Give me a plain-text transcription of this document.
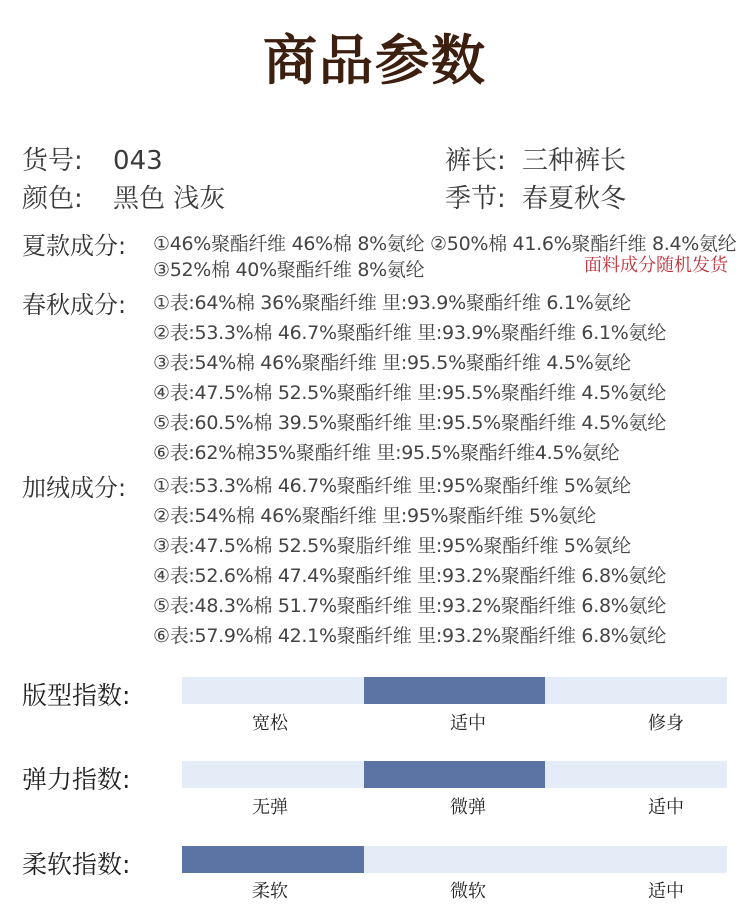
商品参数
货号: 043	裤长: 三种裤长
颜色: 黑色 浅灰	季节: 春夏秋冬
夏款成分: ①46%聚酯纤维 46%棉 8%氨纶 ②50%棉 41.6%聚酯纤维 8.4%氨纶
③52%棉 40%聚酯纤维 8%氨纶	面料成分随机发货
春秋成分: ①表:64%棉 36%聚酯纤维 里:93.9%聚酯纤维 6.1%氨纶
②表:53.3%棉 46.7%聚酯纤维 里:93.9%聚酯纤维 6.1%氨纶
③表:54%棉 46%聚酯纤维 里:95.5%聚酯纤维 4.5%氨纶
④表:47.5%棉 52.5%聚酯纤维 里:95.5%聚酯纤维 4.5%氨纶
⑤表:60.5%棉 39.5%聚酯纤维 里:95.5%聚酯纤维 4.5%氨纶
⑥表:62%棉35%聚酯纤维 里:95.5%聚酯纤维4.5%氨纶
加绒成分: ①表:53.3%棉 46.7%聚酯纤维 里:95%聚酯纤维 5%氨纶
②表:54%棉 46%聚酯纤维 里:95%聚酯纤维 5%氨纶
③表:47.5%棉 52.5%聚脂纤维 里:95%聚酯纤维 5%氨纶
④表:52.6%棉 47.4%聚酯纤维 里:93.2%聚酯纤维 6.8%氨纶
⑤表:48.3%棉 51.7%聚酯纤维 里:93.2%聚酯纤维 6.8%氨纶
⑥表:57.9%棉 42.1%聚酯纤维 里:93.2%聚酯纤维 6.8%氨纶
版型指数:
宽松	适中	修身
弹力指数:
无弹	微弹	适中
柔软指数:
柔软	微软	适中
